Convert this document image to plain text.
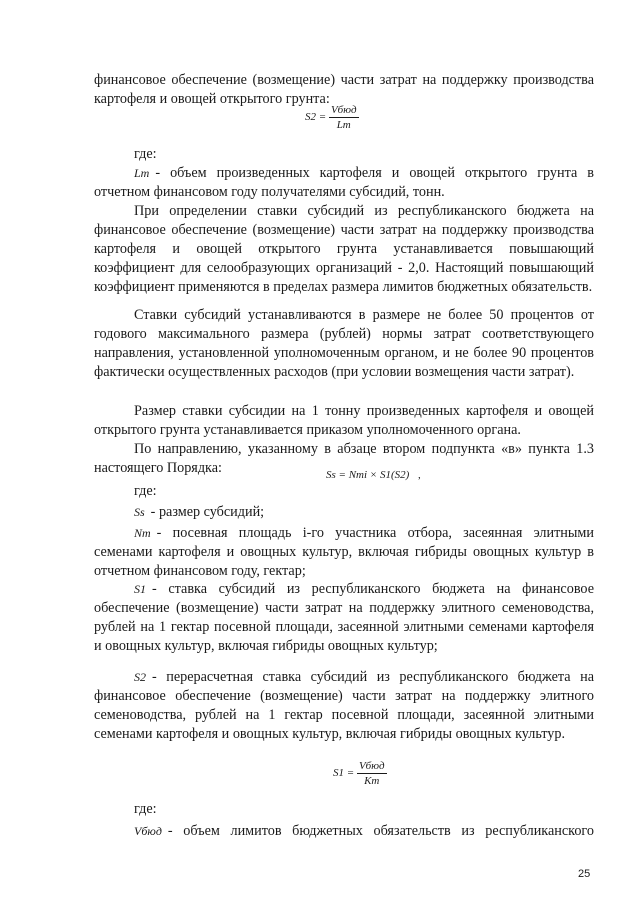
финансовое обеспечение (возмещение) части затрат на поддержку производства картофеля и овощей открытого грунта:

$S2 = \frac{\text{Vбюд}}{Lm}$
где:

Lm - объем произведенных картофеля и овощей открытого грунта в отчетном финансовом году получателями субсидий, тонн.

При определении ставки субсидий из республиканского бюджета на финансовое обеспечение (возмещение) части затрат на поддержку производства картофеля и овощей открытого грунта устанавливается повышающий коэффициент для селообразующих организаций - 2,0. Настоящий повышающий коэффициент применяются в пределах размера лимитов бюджетных обязательств.

Ставки субсидий устанавливаются в размере не более 50 процентов от годового максимального размера (рублей) нормы затрат соответствующего направления, установленной уполномоченным органом, и не более 90 процентов фактически осуществленных расходов (при условии возмещения части затрат).

Размер ставки субсидии на 1 тонну произведенных картофеля и овощей открытого грунта устанавливается приказом уполномоченного органа.

По направлению, указанному в абзаце втором подпункта «в» пункта 1.3 настоящего Порядка:	Ss = Nmi × S1(S2) ,
где:
Ss - размер субсидий;

Nm - посевная площадь i-го участника отбора, засеянная элитными семенами картофеля и овощных культур, включая гибриды овощных культур в отчетном финансовом году, гектар;

S1 - ставка субсидий из республиканского бюджета на финансовое обеспечение (возмещение) части затрат на поддержку элитного семеноводства, рублей на 1 гектар посевной площади, засеянной элитными семенами картофеля и овощных культур, включая гибриды овощных культур;

S2 - перерасчетная ставка субсидий из республиканского бюджета на финансовое обеспечение (возмещение) части затрат на поддержку элитного семеноводства, рублей на 1 гектар посевной площади, засеянной элитными семенами картофеля и овощных культур, включая гибриды овощных культур.

$S1 = \frac{\text{Vбюд}}{Km}$
где:

Vбюд - объем лимитов бюджетных обязательств из республиканского

25
